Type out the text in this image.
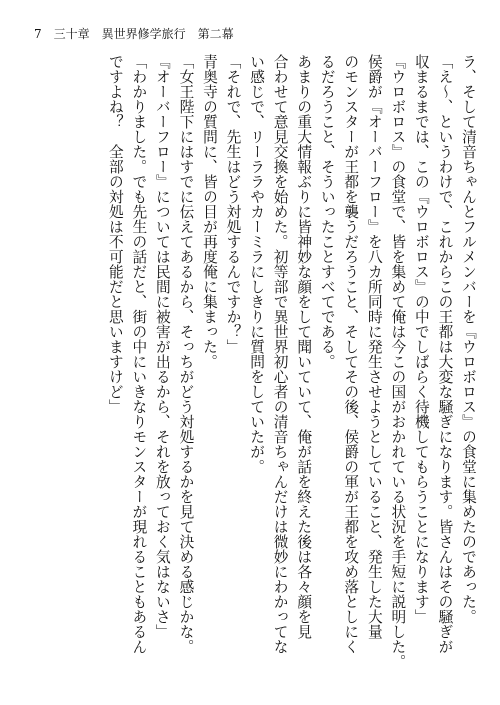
7 三十章 異世界修学旅行 第二幕
ラ、そして清音ちゃんとフルメンバーを『ウロボロス』の食堂に集めたのであった。
「え～、というわけで、これからこの王都は大変な騒ぎになります。皆さんはその騒ぎが
収まるまでは、この『ウロボロス』の中でしばらく待機してもらうことになります」
『ウロボロス』の食堂で、皆を集めて俺は今この国がおかれている状況を手短に説明した。
侯爵が『オーバーフロー』を八カ所同時に発生させようとしていること、発生した大量
のモンスターが王都を襲うだろうこと、そしてその後、侯爵の軍が王都を攻め落としにく
るだろうこと、そういったことすべてである。
あまりの重大情報ぶりに皆神妙な顔をして聞いていて、俺が話を終えた後は各々顔を見
合わせて意見交換を始めた。初等部で異世界初心者の清音ちゃんだけは微妙にわかってな
い感じで、リーララやカーミラにしきりに質問をしていたが。
「それで、先生はどう対処するんですか？」
青奥寺の質問に、皆の目が再度俺に集まった。
「女王陛下にはすでに伝えてあるから、そっちがどう対処するかを見て決める感じかな。
『オーバーフロー』については民間に被害が出るから、それを放っておく気はないさ」
「わかりました。でも先生の話だと、街の中にいきなりモンスターが現れることもあるん
ですよね？　全部の対処は不可能だと思いますけど」
